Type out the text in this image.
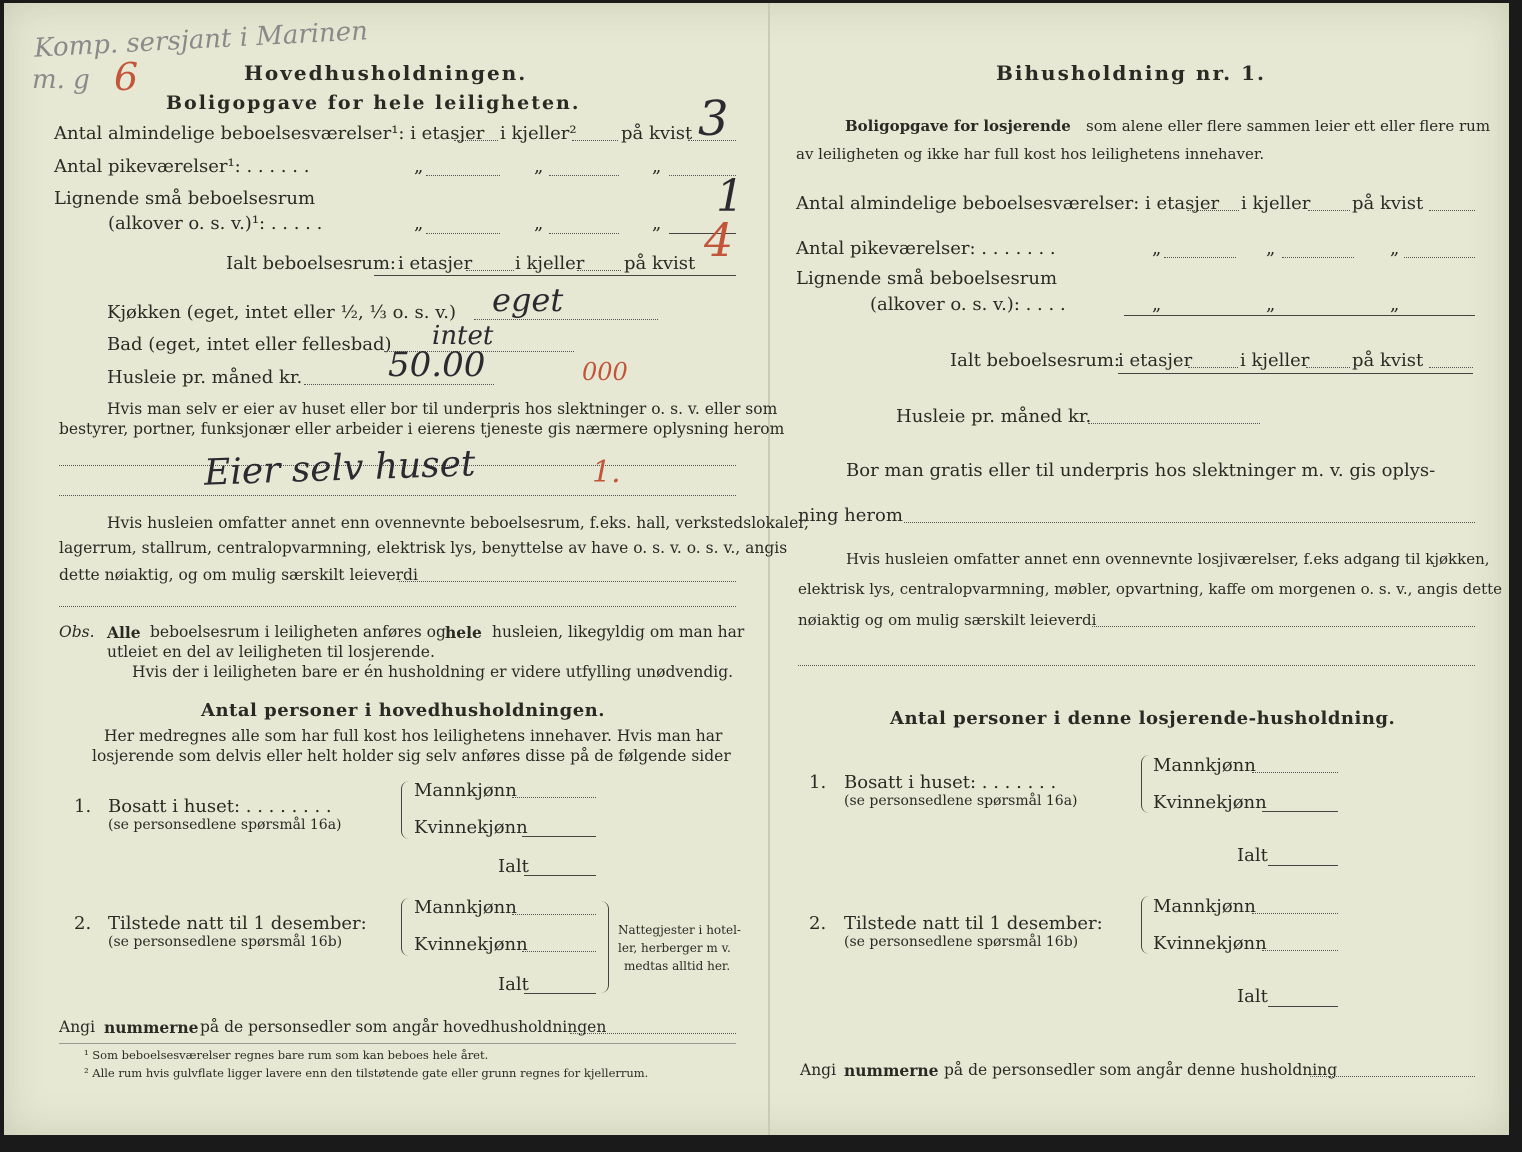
Komp. sersjant i Marinen
m. g 6	Hovedhusholdningen.
Boligopgave for hele leiligheten.
Antal almindelige beboelsesværelser¹: i etasjer i kjeller² på kvist 3
Antal pikeværelser¹: . . . . . .	„	„	„
Lignende små beboelsesrum
(alkover o. s. v.)¹: . . . . .	„	„	„
1
Ialt beboelsesrum: i etasjer i kjeller på kvist 4
Kjøkken (eget, intet eller ½, ⅓ o. s. v.) eget
Bad (eget, intet eller fellesbad) intet
Husleie pr. måned kr.	50.00	000
Hvis man selv er eier av huset eller bor til underpris hos slektninger o. s. v. eller som
bestyrer, portner, funksjonær eller arbeider i eierens tjeneste gis nærmere oplysning herom
Eier selv huset	1.
Hvis husleien omfatter annet enn ovennevnte beboelsesrum, f.eks. hall, verkstedslokaler,
lagerrum, stallrum, centralopvarmning, elektrisk lys, benyttelse av have o. s. v. o. s. v., angis
dette nøiaktig, og om mulig særskilt leieverdi
Obs. Alle beboelsesrum i leiligheten anføres og hele husleien, likegyldig om man har
utleiet en del av leiligheten til losjerende.
Hvis der i leiligheten bare er én husholdning er videre utfylling unødvendig.
Antal personer i hovedhusholdningen.
Her medregnes alle som har full kost hos leilighetens innehaver. Hvis man har
losjerende som delvis eller helt holder sig selv anføres disse på de følgende sider
1. Bosatt i huset: . . . . . . . .
(se personsedlene spørsmål 16a)
Mannkjønn
Kvinnekjønn
Ialt
2. Tilstede natt til 1 desember:
(se personsedlene spørsmål 16b)
Mannkjønn
Kvinnekjønn
Ialt
Nattegjester i hotel-
ler, herberger m v.
medtas alltid her.
Angi nummerne på de personsedler som angår hovedhusholdningen
¹ Som beboelsesværelser regnes bare rum som kan beboes hele året.
² Alle rum hvis gulvflate ligger lavere enn den tilstøtende gate eller grunn regnes for kjellerrum.
Bihusholdning nr. 1.
Boligopgave for losjerende som alene eller flere sammen leier ett eller flere rum
av leiligheten og ikke har full kost hos leilighetens innehaver.
Antal almindelige beboelsesværelser: i etasjer i kjeller på kvist
Antal pikeværelser: . . . . . . .	„	„	„
Lignende små beboelsesrum
(alkover o. s. v.): . . . .	„	„	„
Ialt beboelsesrum:
i etasjer	i kjeller på kvist
Husleie pr. måned kr.
Bor man gratis eller til underpris hos slektninger m. v. gis oplys-
ning herom
Hvis husleien omfatter annet enn ovennevnte losjiværelser, f.eks adgang til kjøkken,
elektrisk lys, centralopvarmning, møbler, opvartning, kaffe om morgenen o. s. v., angis dette
nøiaktig og om mulig særskilt leieverdi
Antal personer i denne losjerende-husholdning.
1. Bosatt i huset: . . . . . . .
(se personsedlene spørsmål 16a)
Mannkjønn
Kvinnekjønn
Ialt
2. Tilstede natt til 1 desember:
(se personsedlene spørsmål 16b)
Mannkjønn
Kvinnekjønn
Ialt
Angi nummerne på de personsedler som angår denne husholdning
